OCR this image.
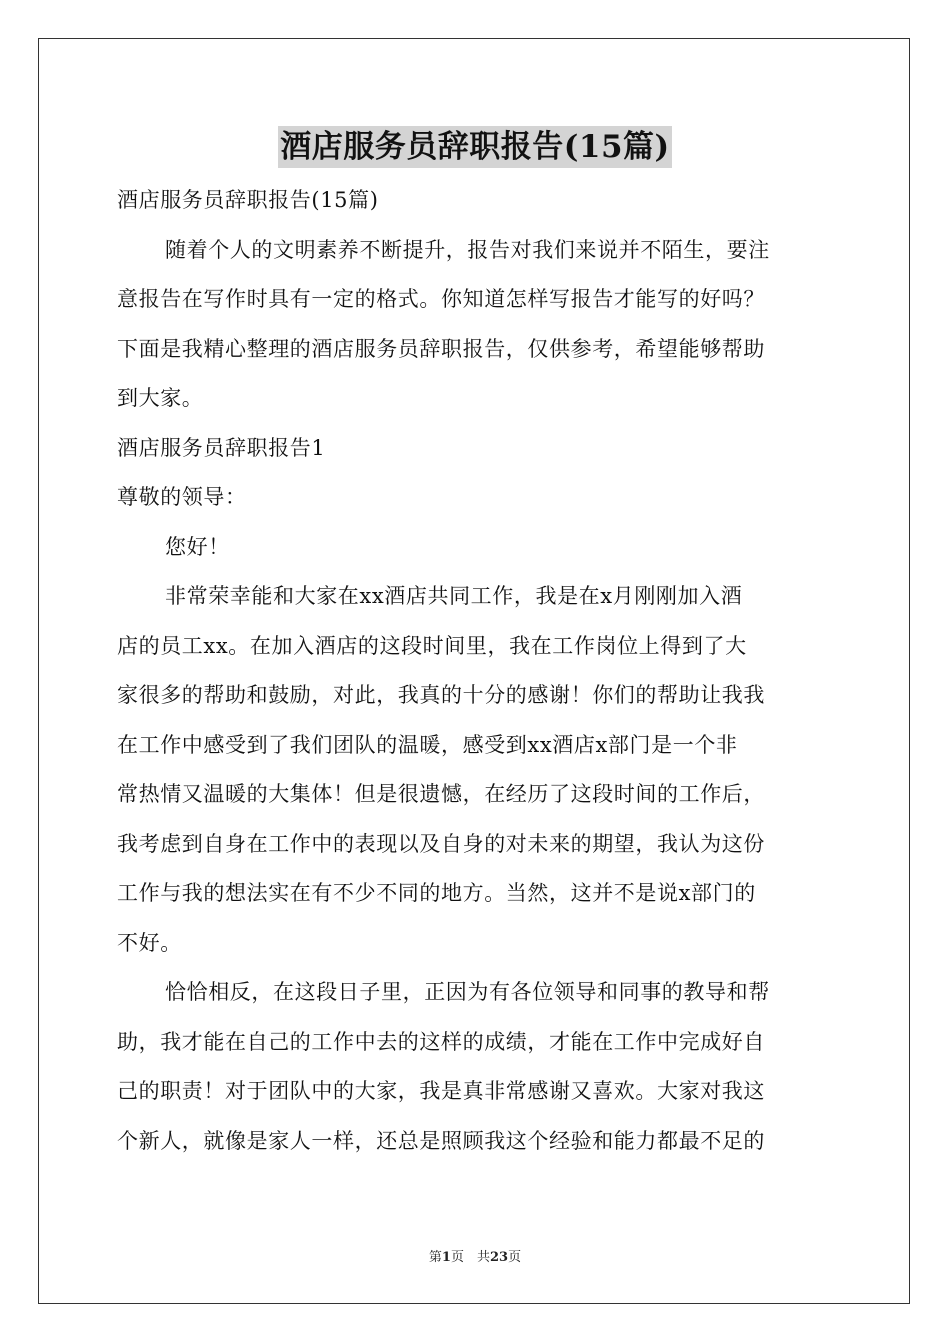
酒店服务员辞职报告(15篇)
酒店服务员辞职报告(15篇)
随着个人的文明素养不断提升，报告对我们来说并不陌生，要注
意报告在写作时具有一定的格式。你知道怎样写报告才能写的好吗？
下面是我精心整理的酒店服务员辞职报告，仅供参考，希望能够帮助
到大家。
酒店服务员辞职报告1
尊敬的领导：
您好！
非常荣幸能和大家在xx酒店共同工作，我是在x月刚刚加入酒
店的员工xx。在加入酒店的这段时间里，我在工作岗位上得到了大
家很多的帮助和鼓励，对此，我真的十分的感谢！你们的帮助让我我
在工作中感受到了我们团队的温暖，感受到xx酒店x部门是一个非
常热情又温暖的大集体！但是很遗憾，在经历了这段时间的工作后，
我考虑到自身在工作中的表现以及自身的对未来的期望，我认为这份
工作与我的想法实在有不少不同的地方。当然，这并不是说x部门的
不好。
恰恰相反，在这段日子里，正因为有各位领导和同事的教导和帮
助，我才能在自己的工作中去的这样的成绩，才能在工作中完成好自
己的职责！对于团队中的大家，我是真非常感谢又喜欢。大家对我这
个新人，就像是家人一样，还总是照顾我这个经验和能力都最不足的
第1页　共23页
